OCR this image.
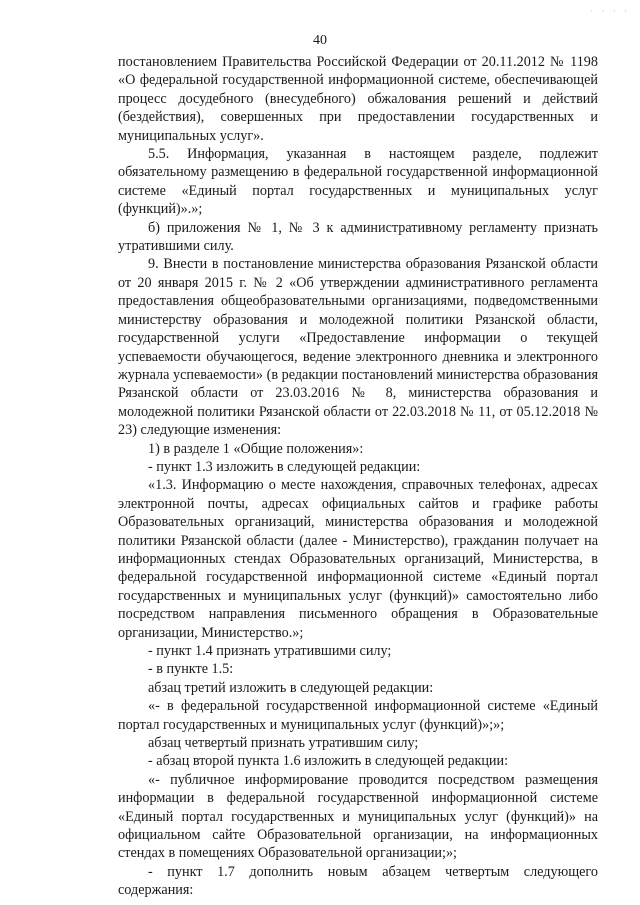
· · · ·
40

постановлением Правительства Российской Федерации от 20.11.2012 № 1198 «О федеральной государственной информационной системе, обеспечивающей процесс досудебного (внесудебного) обжалования решений и действий (бездействия), совершенных при предоставлении государственных и муниципальных услуг».

5.5. Информация, указанная в настоящем разделе, подлежит обязательному размещению в федеральной государственной информационной системе «Единый портал государственных и муниципальных услуг (функций)».»;

б) приложения № 1, № 3 к административному регламенту признать утратившими силу.

9. Внести в постановление министерства образования Рязанской области от 20 января 2015 г. № 2 «Об утверждении административного регламента предоставления общеобразовательными организациями, подведомственными министерству образования и молодежной политики Рязанской области, государственной услуги «Предоставление информации о текущей успеваемости обучающегося, ведение электронного дневника и электронного журнала успеваемости» (в редакции постановлений министерства образования Рязанской области от 23.03.2016 № 8, министерства образования и молодежной политики Рязанской области от 22.03.2018 № 11, от 05.12.2018 № 23) следующие изменения:

1) в разделе 1 «Общие положения»:

- пункт 1.3 изложить в следующей редакции:

«1.3. Информацию о месте нахождения, справочных телефонах, адресах электронной почты, адресах официальных сайтов и графике работы Образовательных организаций, министерства образования и молодежной политики Рязанской области (далее - Министерство), гражданин получает на информационных стендах Образовательных организаций, Министерства, в федеральной государственной информационной системе «Единый портал государственных и муниципальных услуг (функций)» самостоятельно либо посредством направления письменного обращения в Образовательные организации, Министерство.»;

- пункт 1.4 признать утратившими силу;

- в пункте 1.5:

абзац третий изложить в следующей редакции:

«- в федеральной государственной информационной системе «Единый портал государственных и муниципальных услуг (функций)»;»;

абзац четвертый признать утратившим силу;

- абзац второй пункта 1.6 изложить в следующей редакции:

«- публичное информирование проводится посредством размещения информации в федеральной государственной информационной системе «Единый портал государственных и муниципальных услуг (функций)» на официальном сайте Образовательной организации, на информационных стендах в помещениях Образовательной организации;»;

- пункт 1.7 дополнить новым абзацем четвертым следующего содержания:
